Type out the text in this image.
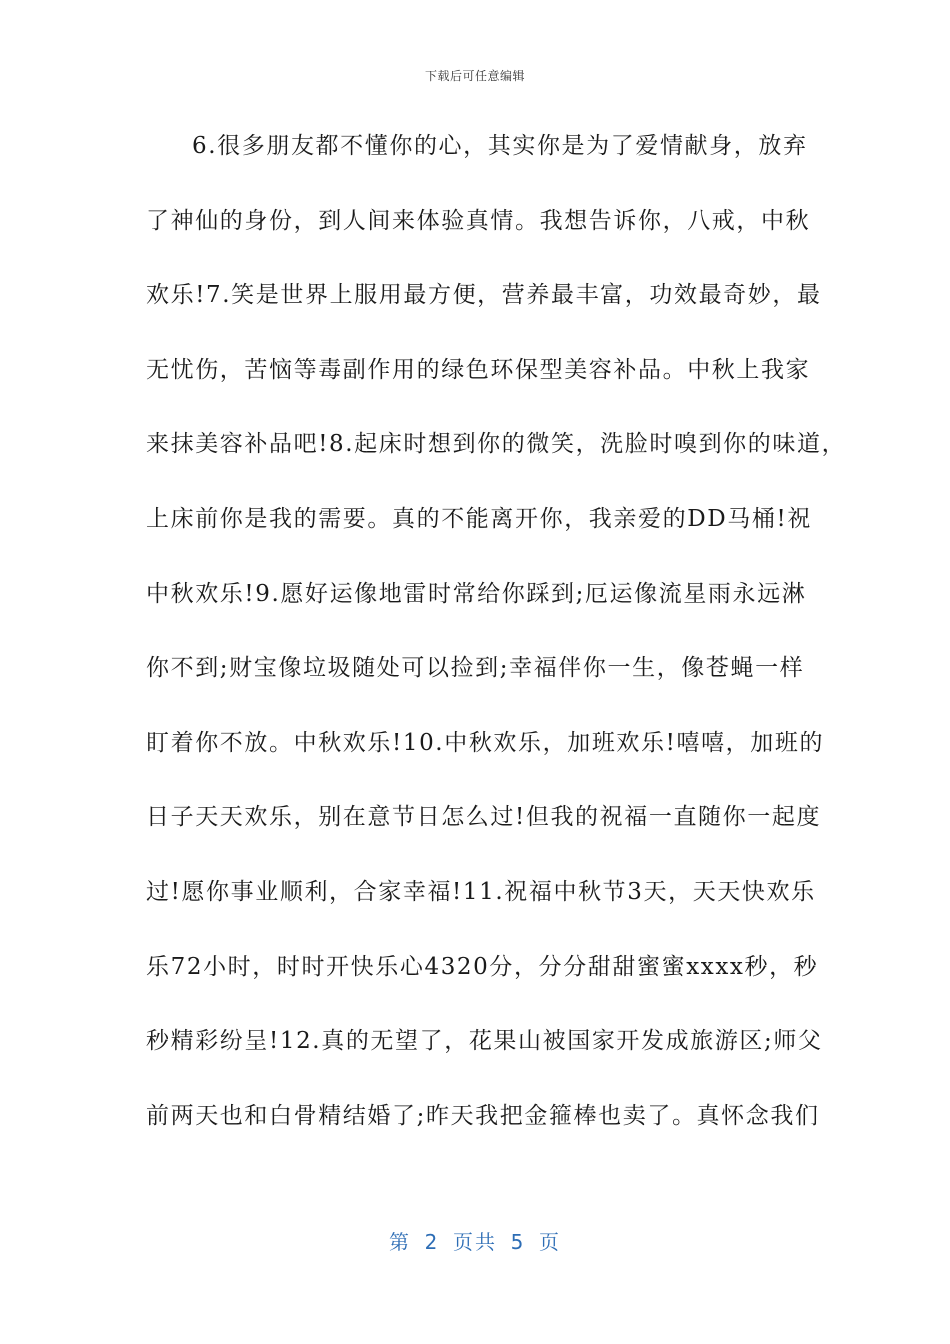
下载后可任意编辑
6.很多朋友都不懂你的心，其实你是为了爱情献身，放弃
了神仙的身份，到人间来体验真情。我想告诉你，八戒，中秋
欢乐!7.笑是世界上服用最方便，营养最丰富，功效最奇妙，最
无忧伤，苦恼等毒副作用的绿色环保型美容补品。中秋上我家
来抹美容补品吧!8.起床时想到你的微笑，洗脸时嗅到你的味道，
上床前你是我的需要。真的不能离开你，我亲爱的DD马桶!祝
中秋欢乐!9.愿好运像地雷时常给你踩到;厄运像流星雨永远淋
你不到;财宝像垃圾随处可以捡到;幸福伴你一生，像苍蝇一样
盯着你不放。中秋欢乐!10.中秋欢乐，加班欢乐!嘻嘻，加班的
日子天天欢乐，别在意节日怎么过!但我的祝福一直随你一起度
过!愿你事业顺利，合家幸福!11.祝福中秋节3天，天天快欢乐
乐72小时，时时开快乐心4320分，分分甜甜蜜蜜xxxx秒，秒
秒精彩纷呈!12.真的无望了，花果山被国家开发成旅游区;师父
前两天也和白骨精结婚了;昨天我把金箍棒也卖了。真怀念我们
第 2 页共 5 页
